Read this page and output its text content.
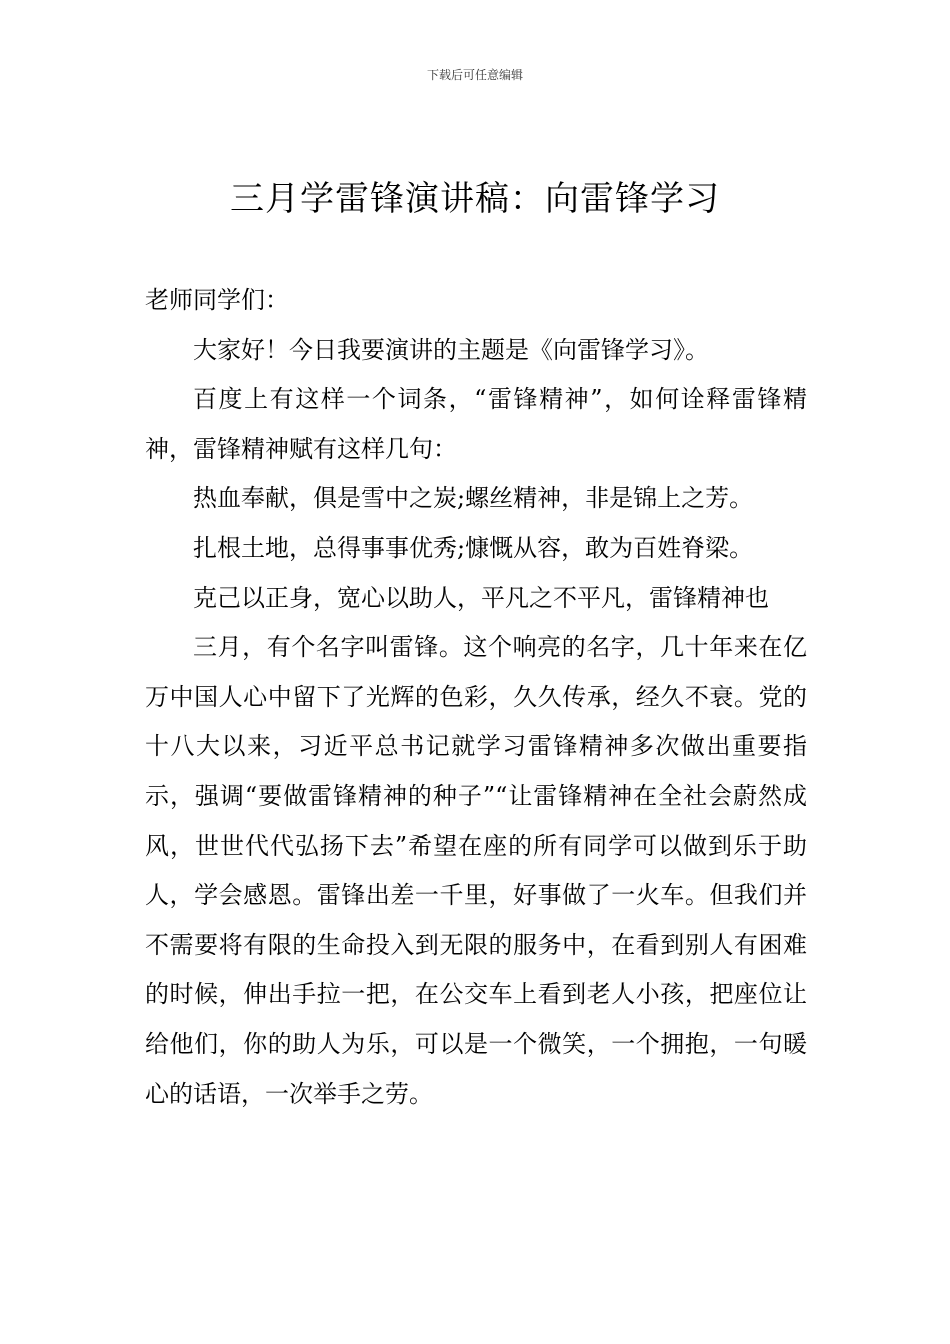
下载后可任意编辑
三月学雷锋演讲稿：向雷锋学习

老师同学们：

大家好！今日我要演讲的主题是《向雷锋学习》。

百度上有这样一个词条，“雷锋精神”，如何诠释雷锋精神，雷锋精神赋有这样几句：

热血奉献，俱是雪中之炭;螺丝精神，非是锦上之芳。

扎根土地，总得事事优秀;慷慨从容，敢为百姓脊梁。

克己以正身，宽心以助人，平凡之不平凡，雷锋精神也

三月，有个名字叫雷锋。这个响亮的名字，几十年来在亿万中国人心中留下了光辉的色彩，久久传承，经久不衰。党的十八大以来，习近平总书记就学习雷锋精神多次做出重要指示，强调“要做雷锋精神的种子”“让雷锋精神在全社会蔚然成风，世世代代弘扬下去”希望在座的所有同学可以做到乐于助人，学会感恩。雷锋出差一千里，好事做了一火车。但我们并不需要将有限的生命投入到无限的服务中，在看到别人有困难的时候，伸出手拉一把，在公交车上看到老人小孩，把座位让给他们，你的助人为乐，可以是一个微笑，一个拥抱，一句暖心的话语，一次举手之劳。
